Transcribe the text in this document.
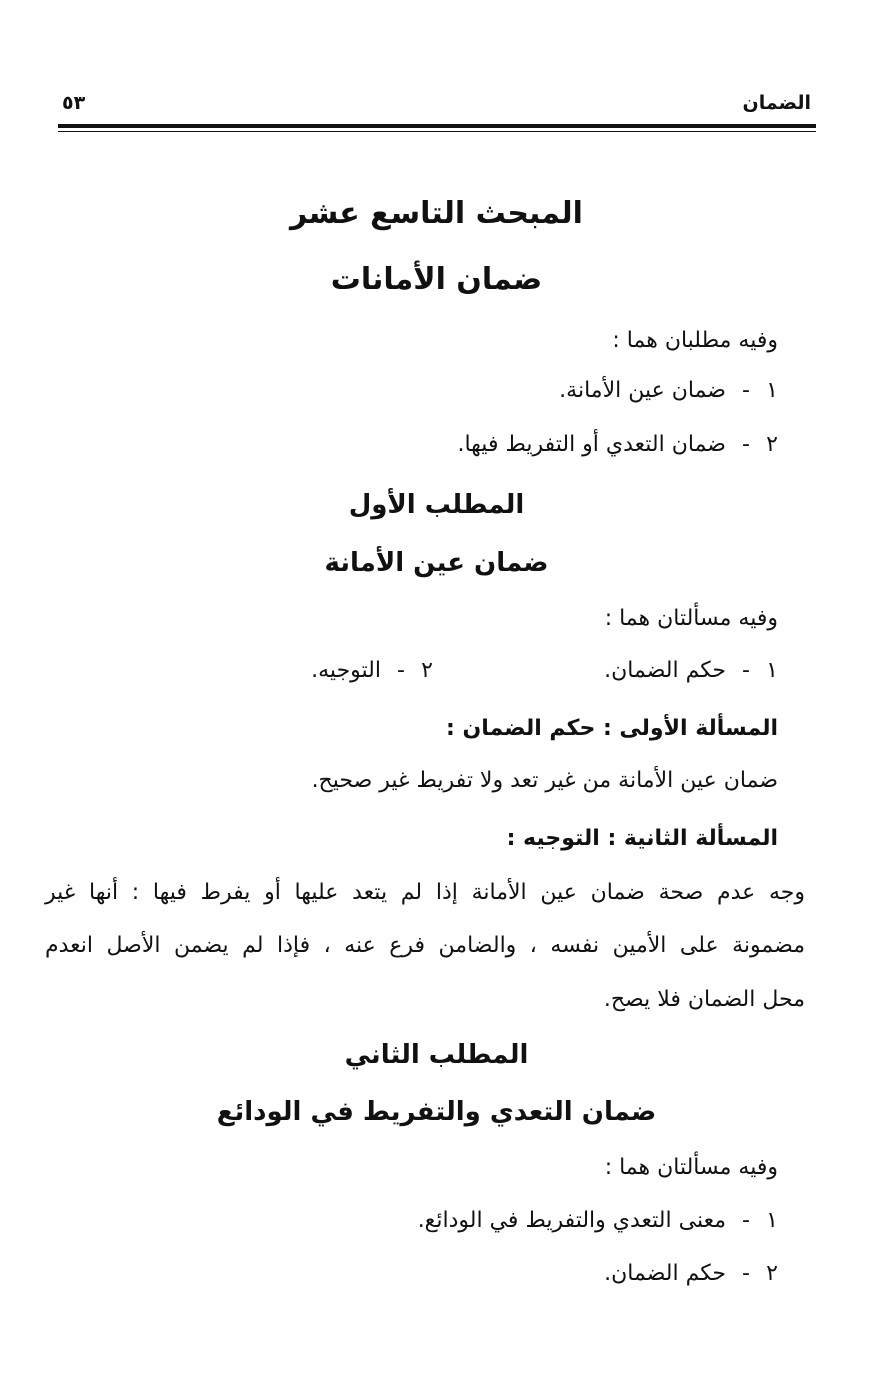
الضمان
٥٣
المبحث التاسع عشر
ضمان الأمانات
وفيه مطلبان هما :
١-ضمان عين الأمانة.
٢-ضمان التعدي أو التفريط فيها.
المطلب الأول
ضمان عين الأمانة
وفيه مسألتان هما :
١-حكم الضمان.
٢-التوجيه.
المسألة الأولى : حكم الضمان :
ضمان عين الأمانة من غير تعد ولا تفريط غير صحيح.
المسألة الثانية : التوجيه :
وجه عدم صحة ضمان عين الأمانة إذا لم يتعد عليها أو يفرط فيها : أنها غير
مضمونة على الأمين نفسه ، والضامن فرع عنه ، فإذا لم يضمن الأصل انعدم
محل الضمان فلا يصح.
المطلب الثاني
ضمان التعدي والتفريط في الودائع
وفيه مسألتان هما :
١-معنى التعدي والتفريط في الودائع.
٢-حكم الضمان.
